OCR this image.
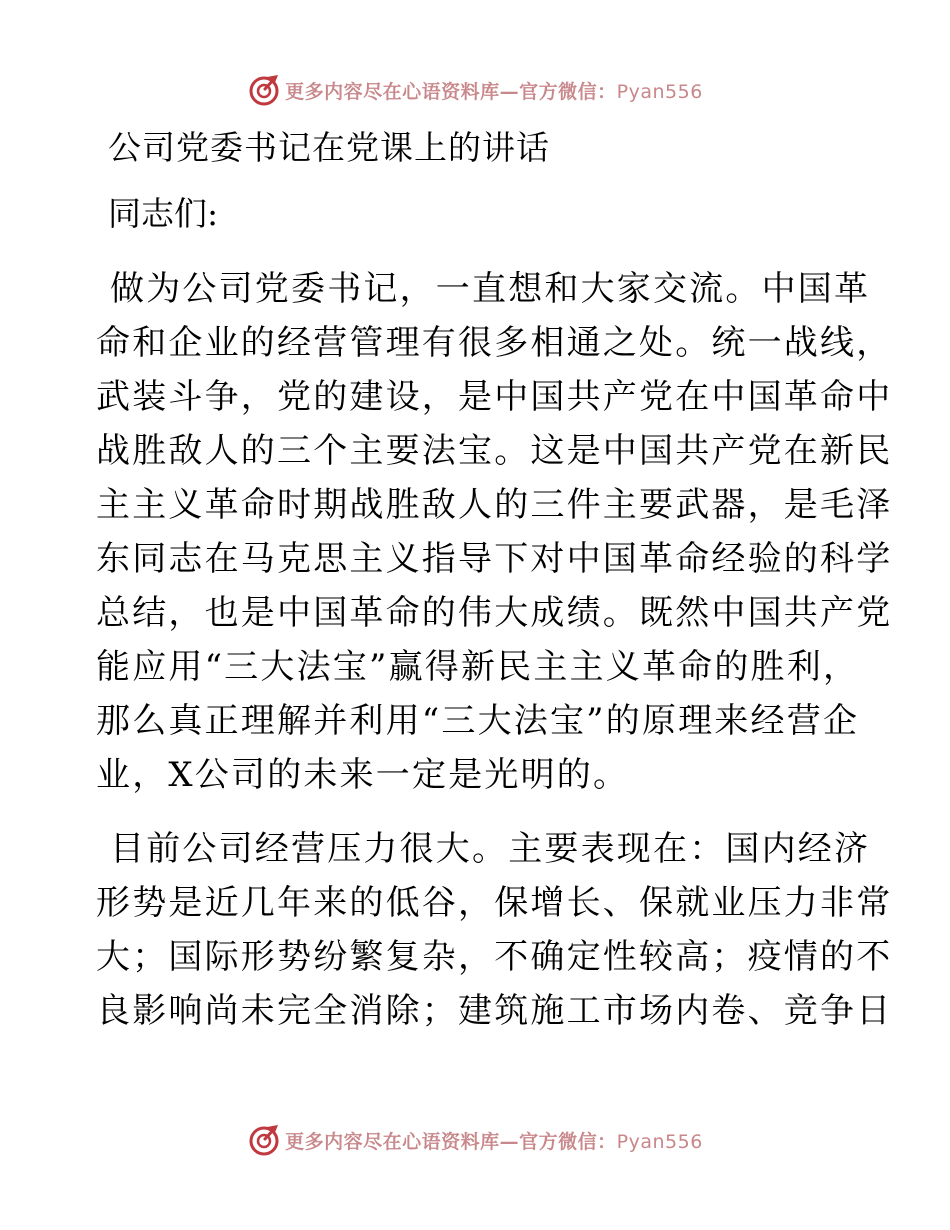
更多内容尽在心语资料库—官方微信：Pyan556
公司党委书记在党课上的讲话

同志们:

做为公司党委书记，一直想和大家交流。中国革
命和企业的经营管理有很多相通之处。统一战线，
武装斗争，党的建设，是中国共产党在中国革命中
战胜敌人的三个主要法宝。这是中国共产党在新民
主主义革命时期战胜敌人的三件主要武器，是毛泽
东同志在马克思主义指导下对中国革命经验的科学
总结，也是中国革命的伟大成绩。既然中国共产党
能应用“三大法宝”赢得新民主主义革命的胜利，
那么真正理解并利用“三大法宝”的原理来经营企
业，X公司的未来一定是光明的。
目前公司经营压力很大。主要表现在：国内经济
形势是近几年来的低谷，保增长、保就业压力非常
大；国际形势纷繁复杂，不确定性较高；疫情的不
良影响尚未完全消除；建筑施工市场内卷、竞争日
更多内容尽在心语资料库—官方微信：Pyan556
